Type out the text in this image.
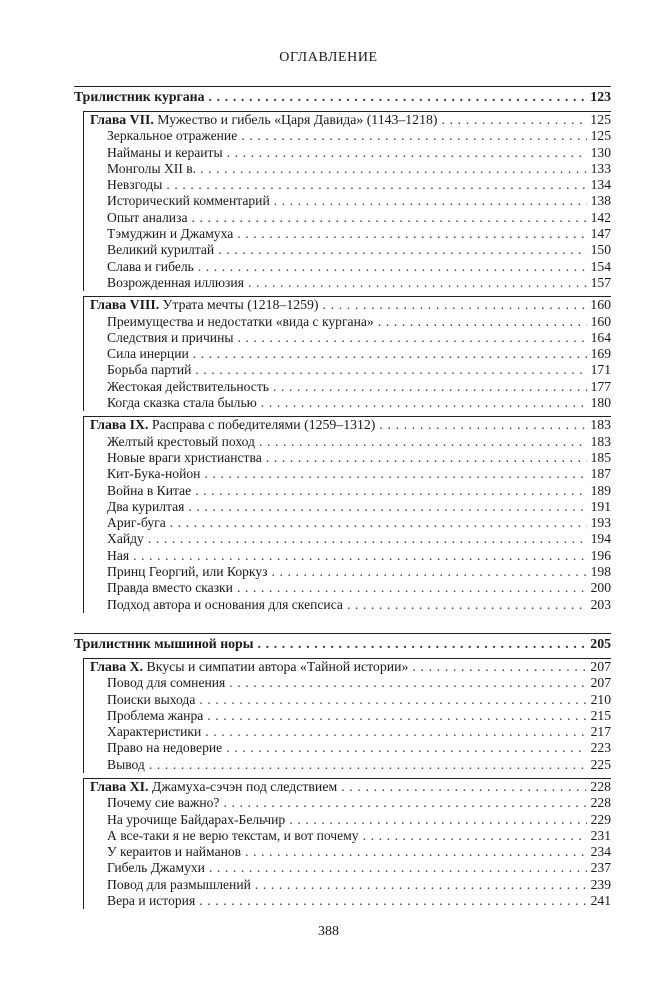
ОГЛАВЛЕНИЕ
Трилистник кургана . . .	123
Глава VII. Мужество и гибель «Царя Давида» (1143–1218) . . .	125
Зеркальное отражение . . .	125
Найманы и кераиты . . .	130
Монголы XII в. . . .	133
Невзгоды . . .	134
Исторический комментарий . . .	138
Опыт анализа . . .	142
Тэмуджин и Джамуха . . .	147
Великий курилтай . . .	150
Слава и гибель . . .	154
Возрожденная иллюзия . . .	157
Глава VIII. Утрата мечты (1218–1259) . . .	160
Преимущества и недостатки «вида с кургана» . . .	160
Следствия и причины . . .	164
Сила инерции . . .	169
Борьба партий . . .	171
Жестокая действительность . . .	177
Когда сказка стала былью . . .	180
Глава IX. Расправа с победителями (1259–1312) . . .	183
Желтый крестовый поход . . .	183
Новые враги христианства . . .	185
Кит-Бука-нойон . . .	187
Война в Китае . . .	189
Два курилтая . . .	191
Ариг-буга . . .	193
Хайду . . .	194
Ная . . .	196
Принц Георгий, или Коркуз . . .	198
Правда вместо сказки . . .	200
Подход автора и основания для скепсиса . . .	203
Трилистник мышиной норы . . .	205
Глава X. Вкусы и симпатии автора «Тайной истории» . . .	207
Повод для сомнения . . .	207
Поиски выхода . . .	210
Проблема жанра . . .	215
Характеристики . . .	217
Право на недоверие . . .	223
Вывод . . .	225
Глава XI. Джамуха-сэчэн под следствием . . .	228
Почему сие важно? . . .	228
На урочище Байдарах-Бельчир . . .	229
А все-таки я не верю текстам, и вот почему . . .	231
У кераитов и найманов . . .	234
Гибель Джамухи . . .	237
Повод для размышлений . . .	239
Вера и история . . .	241
388
